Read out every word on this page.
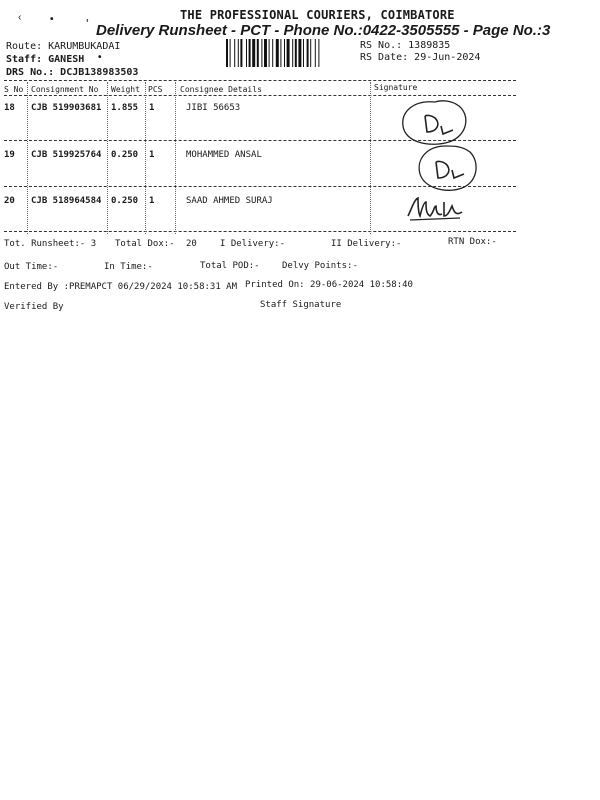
‹	•	ʽ
•
THE PROFESSIONAL COURIERS, COIMBATORE
Delivery Runsheet - PCT - Phone No.:0422-3505555 - Page No.:3
Route: KARUMBUKADAI
Staff: GANESH
DRS No.: DCJB138983503
RS No.: 1389835
RS Date: 29-Jun-2024
S No Consignment No Weight PCS Consignee Details	Signature
18 CJB 519903681 1.855 1	JIBI 56653
19 CJB 519925764 0.250 1	MOHAMMED ANSAL
20 CJB 518964584 0.250 1	SAAD AHMED SURAJ
Tot. Runsheet:- 3 Total Dox:- 20	I Delivery:-	II Delivery:-	RTN Dox:-
Out Time:-	In Time:-	Total POD:- Delvy Points:-
Entered By :PREMAPCT 06/29/2024 10:58:31 AM Printed On: 29-06-2024 10:58:40
Verified By	Staff Signature
